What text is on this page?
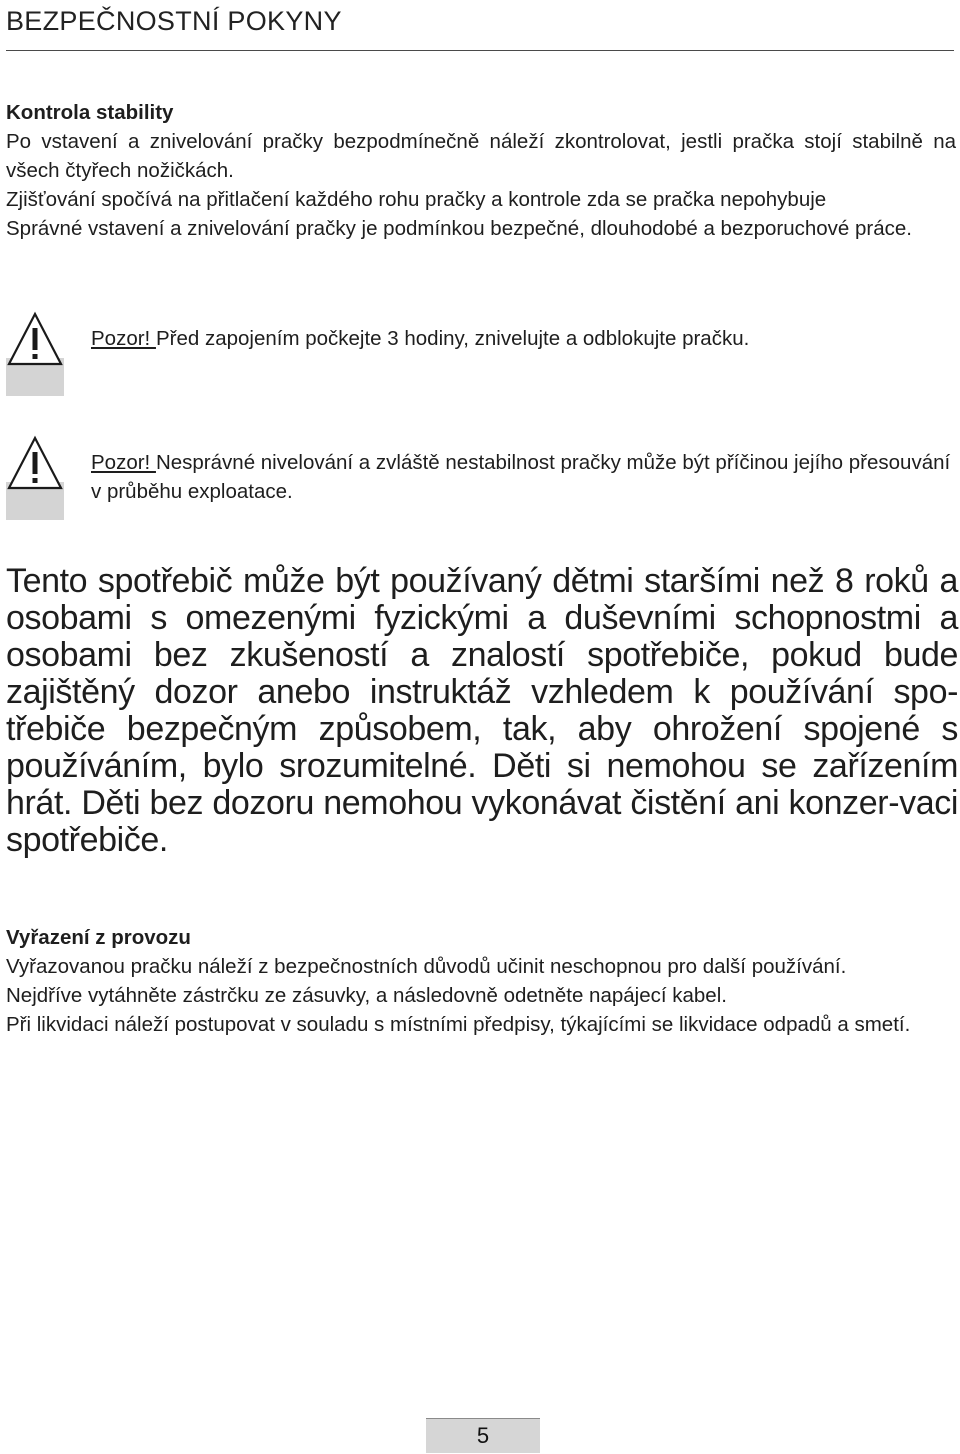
BEZPEČNOSTNÍ POKYNY
Kontrola stability
Po vstavení a znivelování pračky bezpodmínečně náleží zkontrolovat, jestli pračka stojí stabilně na všech čtyřech nožičkách.
Zjišťování spočívá na přitlačení každého rohu pračky a kontrole zda se pračka nepohybuje
Správné vstavení a znivelování pračky je podmínkou bezpečné, dlouhodobé a bezporuchové práce.
Pozor! Před zapojením počkejte 3 hodiny, znivelujte a odblokujte pračku.
Pozor! Nesprávné nivelování a zvláště nestabilnost pračky může být příčinou jejího přesouvání v průběhu exploatace.
Tento spotřebič může být používaný dětmi staršími než 8 roků a osobami s omezenými fyzickými a duševními schopnostmi a osobami bez zkušeností a znalostí spotřebiče, pokud bude zajištěný dozor anebo instruktáž vzhledem k používání spo-třebiče bezpečným způsobem, tak, aby ohrožení spojené s používáním, bylo srozumitelné. Děti si nemohou se zařízením hrát. Děti bez dozoru nemohou vykonávat čistění ani konzer-vaci spotřebiče.
Vyřazení z provozu
Vyřazovanou pračku náleží z bezpečnostních důvodů učinit neschopnou pro další používání.
Nejdříve vytáhněte zástrčku ze zásuvky, a následovně odetněte napájecí kabel.
Při likvidaci náleží postupovat v souladu s místními předpisy, týkajícími se likvidace odpadů a smetí.
5
